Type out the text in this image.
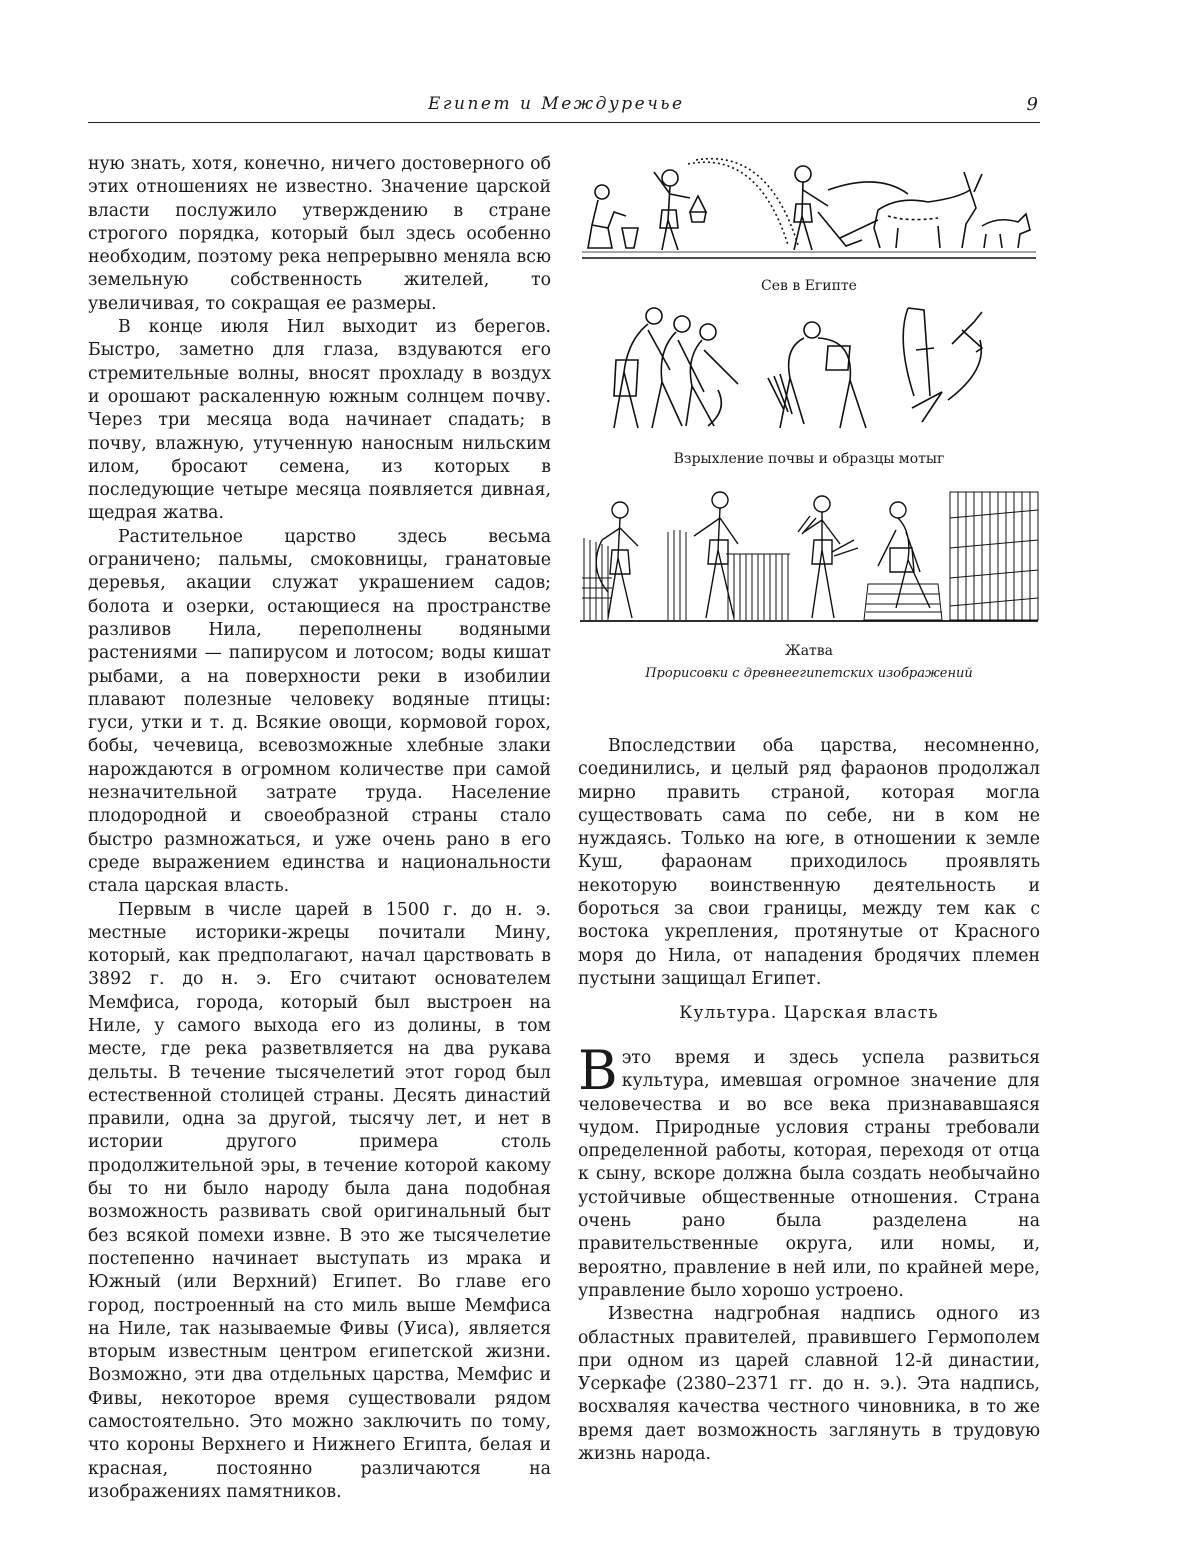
Египет и Междуречье	9

ную знать, хотя, конечно, ничего достоверного об этих отношениях не известно. Значение царской власти послужило утверждению в стране строгого порядка, который был здесь особенно необходим, поэтому река непрерывно меняла всю земельную собственность жителей, то увеличивая, то сокращая ее размеры.

В конце июля Нил выходит из берегов. Быстро, заметно для глаза, вздуваются его стремительные волны, вносят прохладу в воздух и орошают раскаленную южным солнцем почву. Через три месяца вода начинает спадать; в почву, влажную, утученную наносным нильским илом, бросают семена, из которых в последующие четыре месяца появляется дивная, щедрая жатва.

Растительное царство здесь весьма ограничено; пальмы, смоковницы, гранатовые деревья, акации служат украшением садов; болота и озерки, остающиеся на пространстве разливов Нила, переполнены водяными растениями — папирусом и лотосом; воды кишат рыбами, а на поверхности реки в изобилии плавают полезные человеку водяные птицы: гуси, утки и т. д. Всякие овощи, кормовой горох, бобы, чечевица, всевозможные хлебные злаки нарождаются в огромном количестве при самой незначительной затрате труда. Население плодородной и своеобразной страны стало быстро размножаться, и уже очень рано в его среде выражением единства и национальности стала царская власть.

Первым в числе царей в 1500 г. до н. э. местные историки-жрецы почитали Мину, который, как предполагают, начал царствовать в 3892 г. до н. э. Его считают основателем Мемфиса, города, который был выстроен на Ниле, у самого выхода его из долины, в том месте, где река разветвляется на два рукава дельты. В течение тысячелетий этот город был естественной столицей страны. Десять династий правили, одна за другой, тысячу лет, и нет в истории другого примера столь продолжительной эры, в течение которой какому бы то ни было народу была дана подобная возможность развивать свой оригинальный быт без всякой помехи извне. В это же тысячелетие постепенно начинает выступать из мрака и Южный (или Верхний) Египет. Во главе его город, построенный на сто миль выше Мемфиса на Ниле, так называемые Фивы (Уиса), является вторым известным центром египетской жизни. Возможно, эти два отдельных царства, Мемфис и Фивы, некоторое время существовали рядом самостоятельно. Это можно заключить по тому, что короны Верхнего и Нижнего Египта, белая и красная, постоянно различаются на изображениях памятников.

Сев в Египте
Взрыхление почвы и образцы мотыг
Жатва
Прорисовки с древнеегипетских изображений

Впоследствии оба царства, несомненно, соединились, и целый ряд фараонов продолжал мирно править страной, которая могла существовать сама по себе, ни в ком не нуждаясь. Только на юге, в отношении к земле Куш, фараонам приходилось проявлять некоторую воинственную деятельность и бороться за свои границы, между тем как с востока укрепления, протянутые от Красного моря до Нила, от нападения бродячих племен пустыни защищал Египет.

Культура. Царская власть

Вэто время и здесь успела развиться культура, имевшая огромное значение для человечества и во все века признававшаяся чудом. Природные условия страны требовали определенной работы, которая, переходя от отца к сыну, вскоре должна была создать необычайно устойчивые общественные отношения. Страна очень рано была разделена на правительственные округа, или номы, и, вероятно, правление в ней или, по крайней мере, управление было хорошо устроено.

Известна надгробная надпись одного из областных правителей, правившего Гермополем при одном из царей славной 12-й династии, Усеркафе (2380–2371 гг. до н. э.). Эта надпись, восхваляя качества честного чиновника, в то же время дает возможность заглянуть в трудовую жизнь народа.
